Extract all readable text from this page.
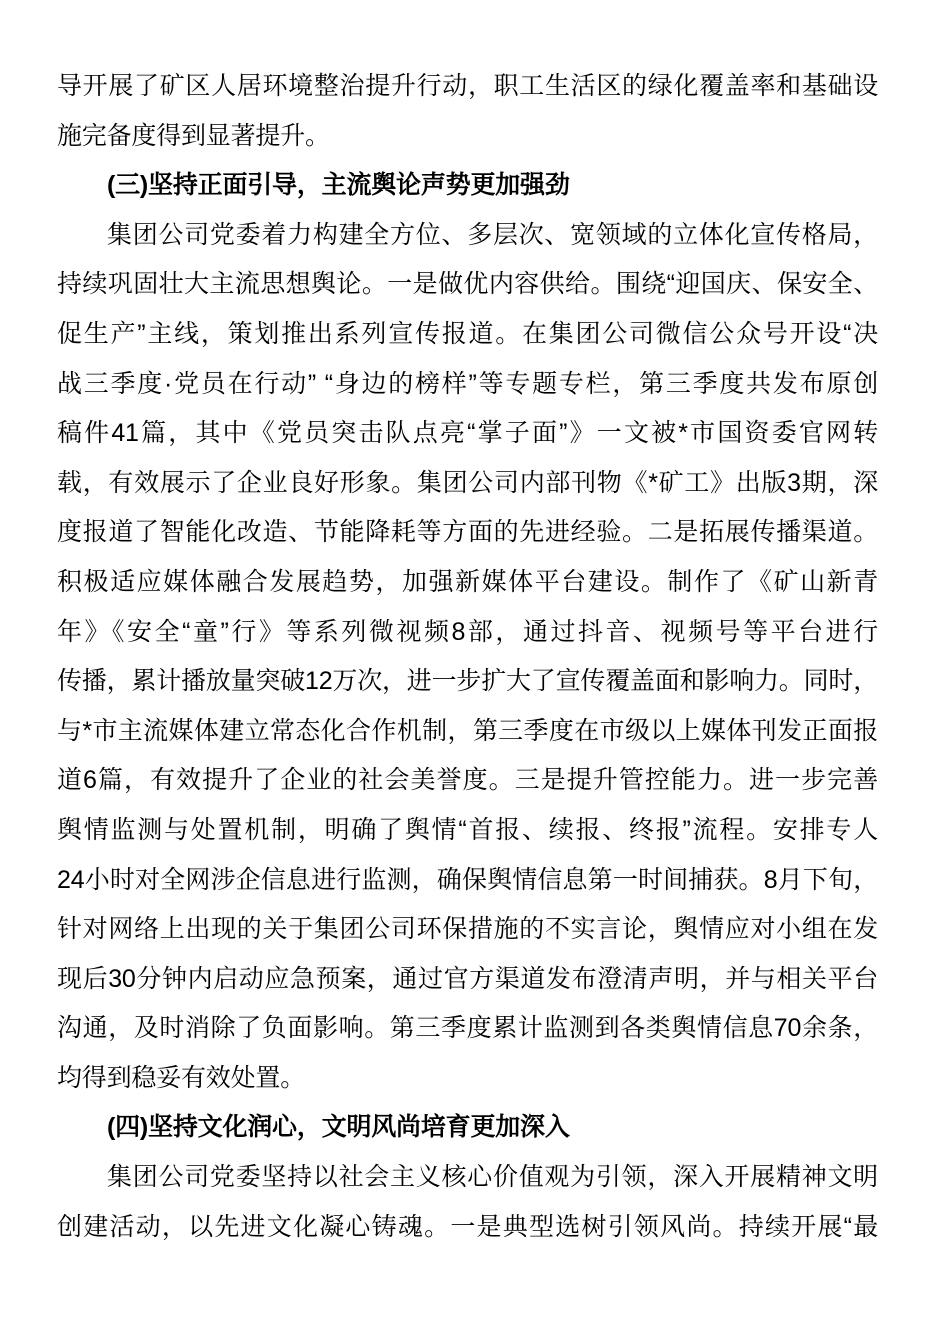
导开展了矿区人居环境整治提升行动，职工生活区的绿化覆盖率和基础设
施完备度得到显著提升。
(三)坚持正面引导，主流舆论声势更加强劲
集团公司党委着力构建全方位、多层次、宽领域的立体化宣传格局，
持续巩固壮大主流思想舆论。一是做优内容供给。围绕“迎国庆、保安全、
促生产”主线，策划推出系列宣传报道。在集团公司微信公众号开设“决
战三季度·党员在行动” “身边的榜样”等专题专栏，第三季度共发布原创
稿件41篇，其中《党员突击队点亮“掌子面”》一文被*市国资委官网转
载，有效展示了企业良好形象。集团公司内部刊物《*矿工》出版3期，深
度报道了智能化改造、节能降耗等方面的先进经验。二是拓展传播渠道。
积极适应媒体融合发展趋势，加强新媒体平台建设。制作了《矿山新青
年》《安全“童”行》等系列微视频8部，通过抖音、视频号等平台进行
传播，累计播放量突破12万次，进一步扩大了宣传覆盖面和影响力。同时，
与*市主流媒体建立常态化合作机制，第三季度在市级以上媒体刊发正面报
道6篇，有效提升了企业的社会美誉度。三是提升管控能力。进一步完善
舆情监测与处置机制，明确了舆情“首报、续报、终报”流程。安排专人
24小时对全网涉企信息进行监测，确保舆情信息第一时间捕获。8月下旬，
针对网络上出现的关于集团公司环保措施的不实言论，舆情应对小组在发
现后30分钟内启动应急预案，通过官方渠道发布澄清声明，并与相关平台
沟通，及时消除了负面影响。第三季度累计监测到各类舆情信息70余条，
均得到稳妥有效处置。
(四)坚持文化润心，文明风尚培育更加深入
集团公司党委坚持以社会主义核心价值观为引领，深入开展精神文明
创建活动，以先进文化凝心铸魂。一是典型选树引领风尚。持续开展“最
